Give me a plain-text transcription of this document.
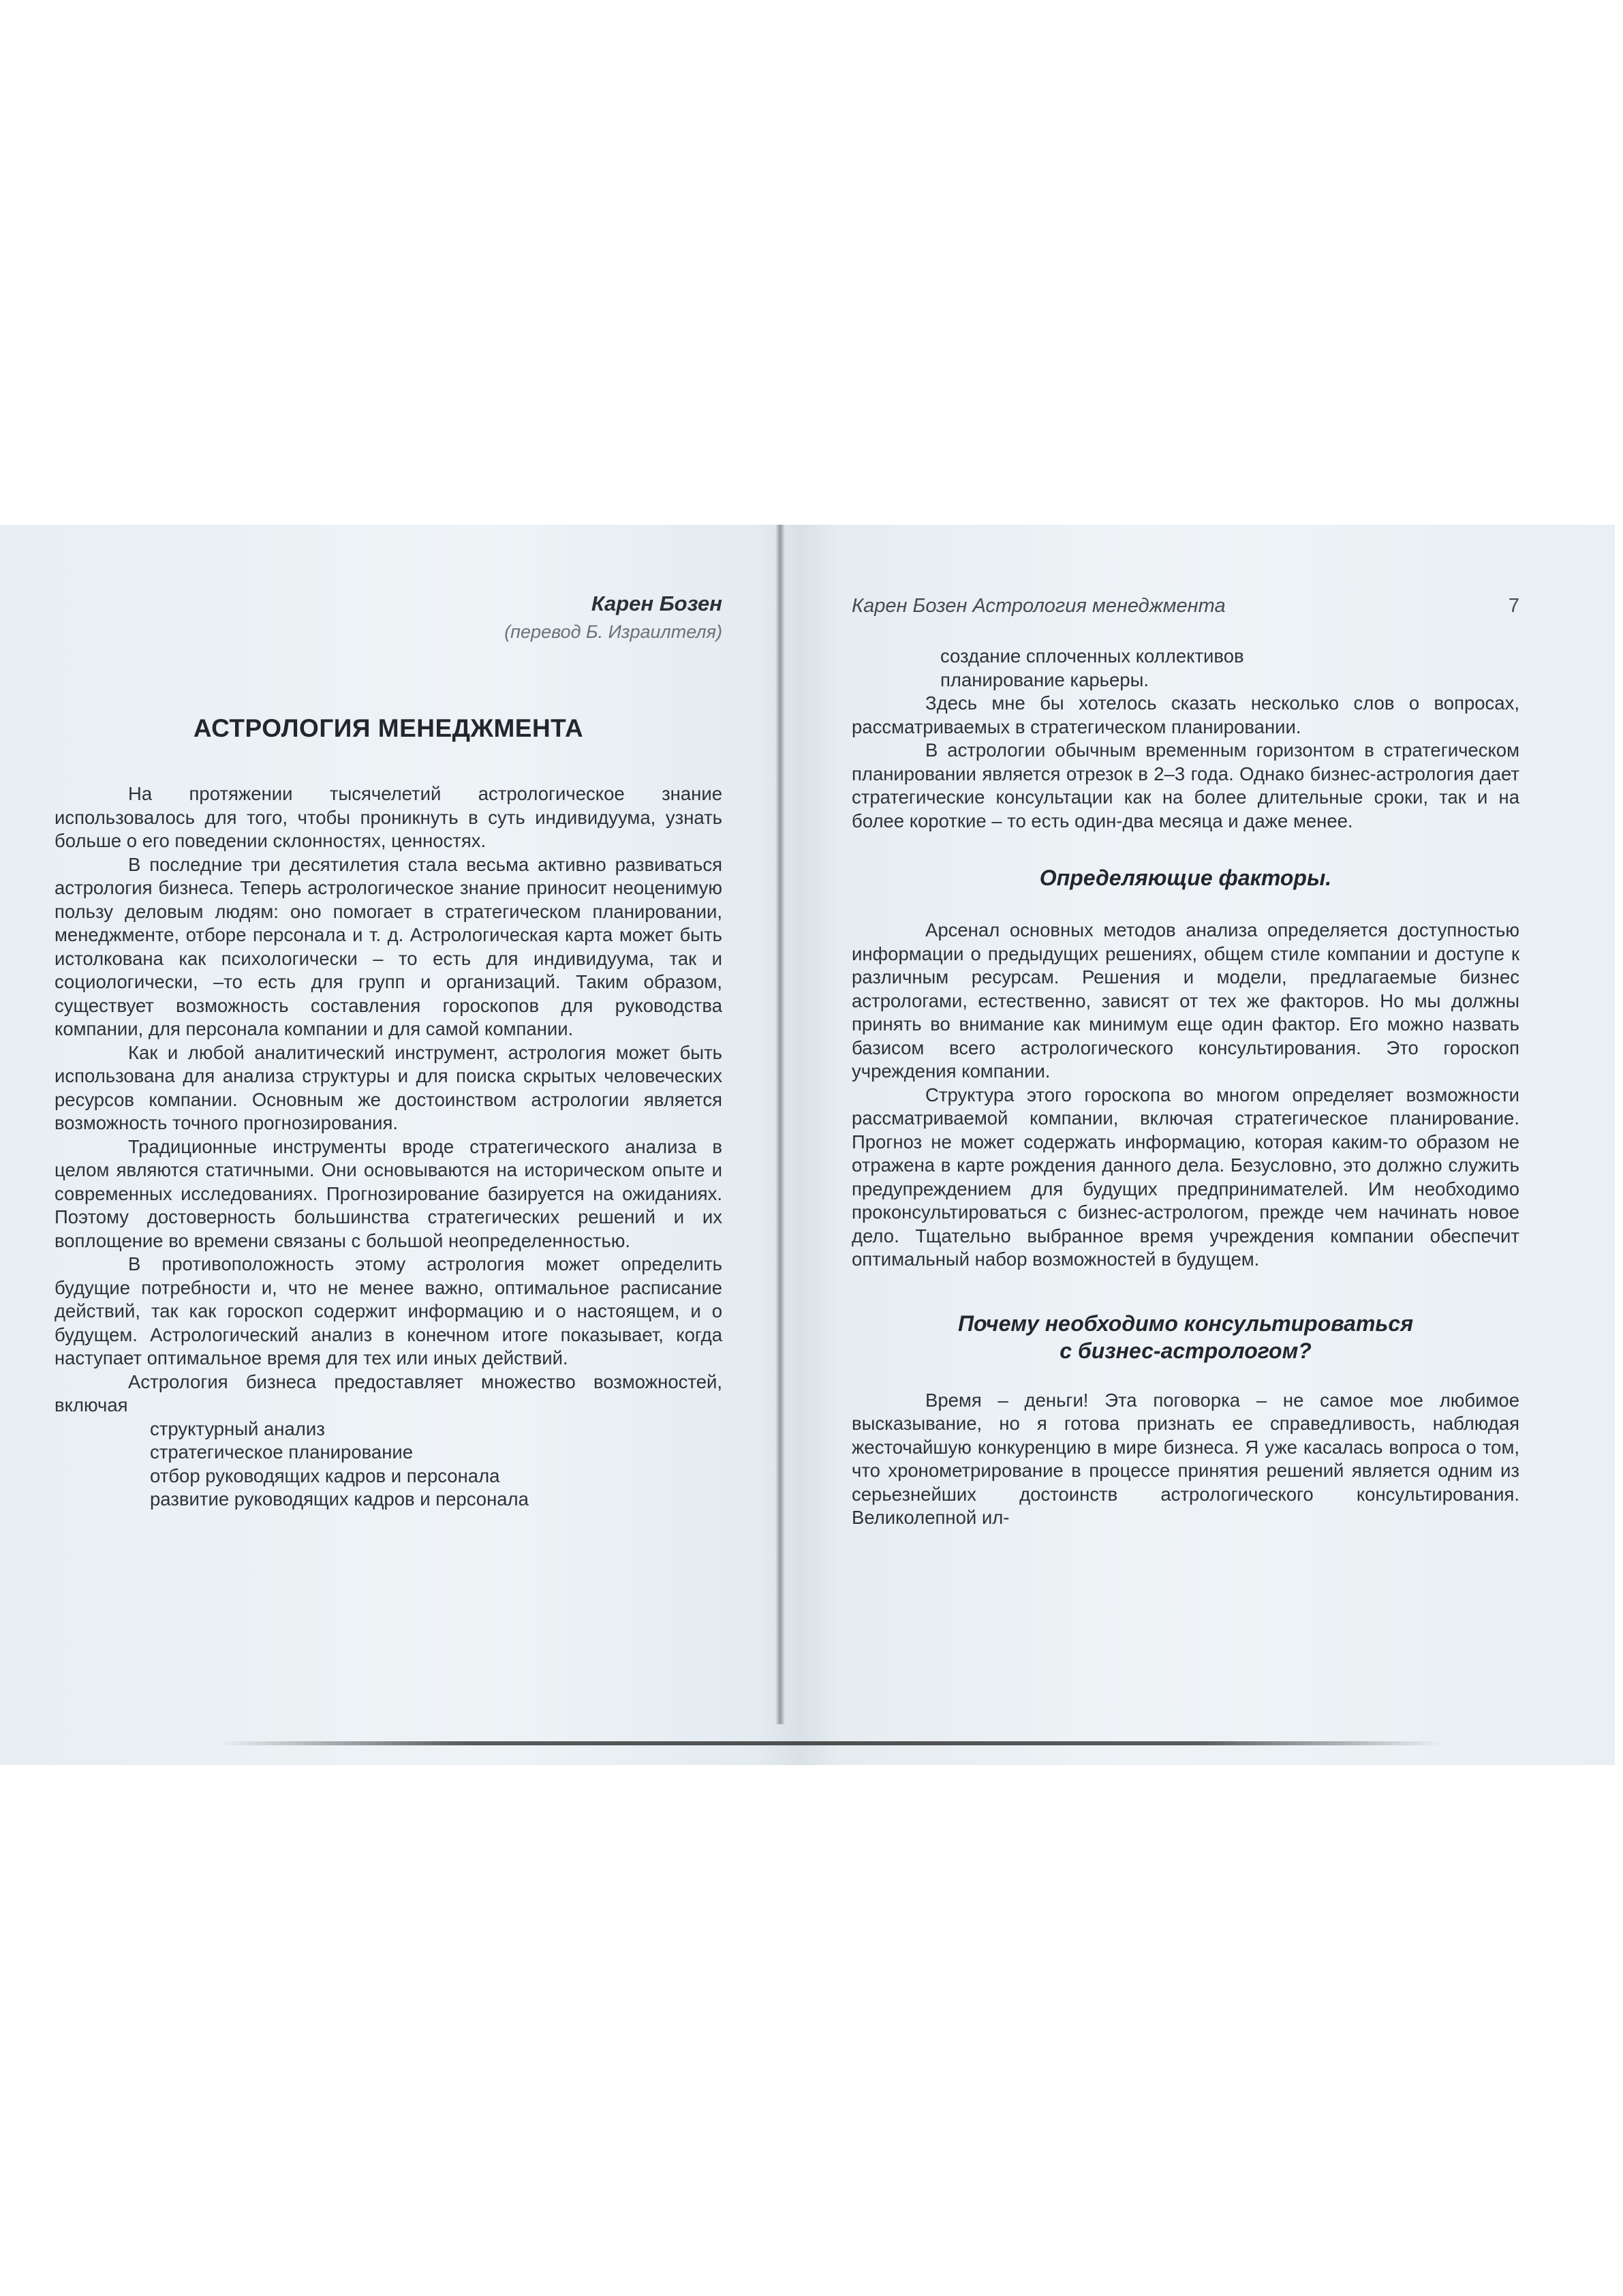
Карен Бозен
(перевод Б. Израилтеля)
АСТРОЛОГИЯ МЕНЕДЖМЕНТА

На протяжении тысячелетий астрологическое знание использовалось для того, чтобы проникнуть в суть индивидуума, узнать больше о его поведении склонностях, ценностях.

В последние три десятилетия стала весьма активно развиваться астрология бизнеса. Теперь астрологическое знание приносит неоценимую пользу деловым людям: оно помогает в стратегическом планировании, менеджменте, отборе персонала и т. д. Астрологическая карта может быть истолкована как психологически – то есть для индивидуума, так и социологически, –то есть для групп и организаций. Таким образом, существует возможность составления гороскопов для руководства компании, для персонала компании и для самой компании.

Как и любой аналитический инструмент, астрология может быть использована для анализа структуры и для поиска скрытых человеческих ресурсов компании. Основным же достоинством астрологии является возможность точного прогнозирования.

Традиционные инструменты вроде стратегического анализа в целом являются статичными. Они основываются на историческом опыте и современных исследованиях. Прогнозирование базируется на ожиданиях. Поэтому достоверность большинства стратегических решений и их воплощение во времени связаны с большой неопределенностью.

В противоположность этому астрология может определить будущие потребности и, что не менее важно, оптимальное расписание действий, так как гороскоп содержит информацию и о настоящем, и о будущем. Астрологический анализ в конечном итоге показывает, когда наступает оптимальное время для тех или иных действий.

Астрология бизнеса предоставляет множество возможностей, включая

структурный анализ
стратегическое планирование
отбор руководящих кадров и персонала
развитие руководящих кадров и персонала
Карен Бозен Астрология менеджмента	7
создание сплоченных коллективов
планирование карьеры.

Здесь мне бы хотелось сказать несколько слов о вопросах, рассматриваемых в стратегическом планировании.

В астрологии обычным временным горизонтом в стратегическом планировании является отрезок в 2–3 года. Однако бизнес-астрология дает стратегические консультации как на более длительные сроки, так и на более короткие – то есть один-два месяца и даже менее.

Определяющие факторы.

Арсенал основных методов анализа определяется доступностью информации о предыдущих решениях, общем стиле компании и доступе к различным ресурсам. Решения и модели, предлагаемые бизнес астрологами, естественно, зависят от тех же факторов. Но мы должны принять во внимание как минимум еще один фактор. Его можно назвать базисом всего астрологического консультирования. Это гороскоп учреждения компании.

Структура этого гороскопа во многом определяет возможности рассматриваемой компании, включая стратегическое планирование. Прогноз не может содержать информацию, которая каким-то образом не отражена в карте рождения данного дела. Безусловно, это должно служить предупреждением для будущих предпринимателей. Им необходимо проконсультироваться с бизнес-астрологом, прежде чем начинать новое дело. Тщательно выбранное время учреждения компании обеспечит оптимальный набор возможностей в будущем.

Почему необходимо консультироваться
с бизнес-астрологом?

Время – деньги! Эта поговорка – не самое мое любимое высказывание, но я готова признать ее справедливость, наблюдая жесточайшую конкуренцию в мире бизнеса. Я уже касалась вопроса о том, что хронометрирование в процессе принятия решений является одним из серьезнейших достоинств астрологического консультирования. Великолепной ил-
